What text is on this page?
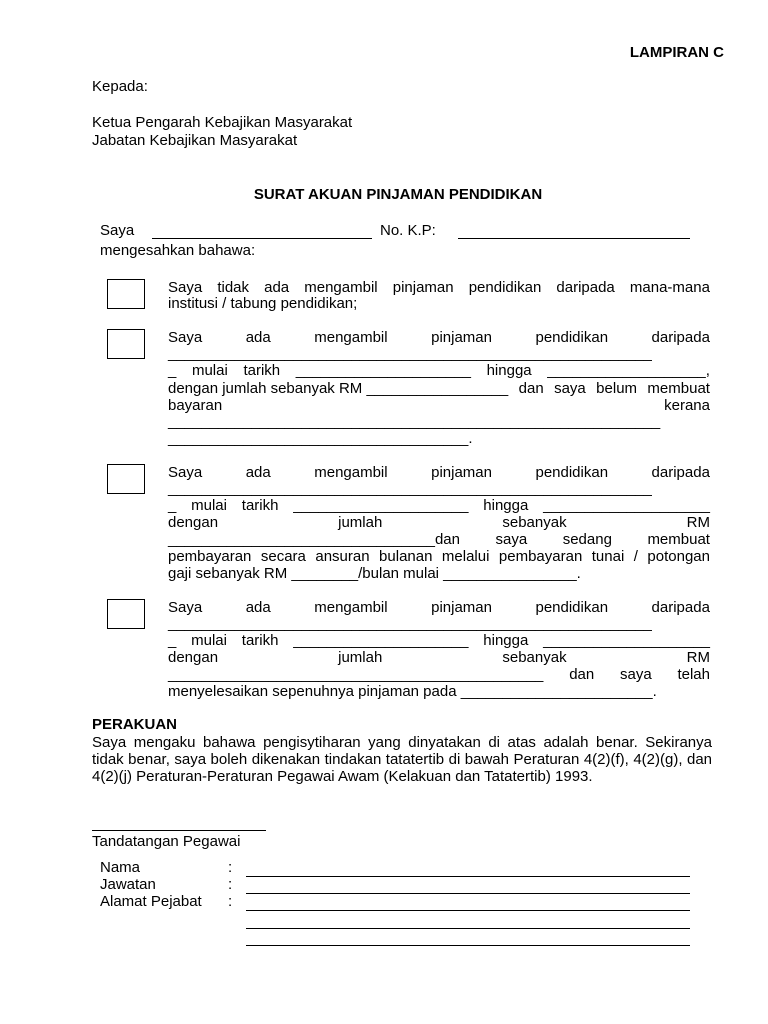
LAMPIRAN C
Kepada:
Ketua Pengarah Kebajikan Masyarakat
Jabatan Kebajikan Masyarakat
SURAT AKUAN PINJAMAN PENDIDIKAN
Saya	No. K.P:
mengesahkan bahawa:
Saya tidak ada mengambil pinjaman pendidikan daripada mana-mana
institusi / tabung pendidikan;
Saya	ada	mengambil	pinjaman	pendidikan	daripada
__________________________________________________________
_ mulai tarikh _____________________ hingga ___________________,
dengan jumlah sebanyak RM _________________ dan saya belum membuat
bayaran	kerana
___________________________________________________________
____________________________________.
Saya	ada	mengambil	pinjaman	pendidikan	daripada
__________________________________________________________
_ mulai tarikh _____________________ hingga ____________________
dengan	jumlah	sebanyak	RM
________________________________dan saya sedang membuat
pembayaran secara ansuran bulanan melalui pembayaran tunai / potongan
gaji sebanyak RM ________/bulan mulai ________________.
Saya	ada	mengambil	pinjaman	pendidikan	daripada
__________________________________________________________
_ mulai tarikh _____________________ hingga ____________________
dengan	jumlah	sebanyak	RM
_____________________________________________ dan saya telah
menyelesaikan sepenuhnya pinjaman pada _______________________.
PERAKUAN
Saya mengaku bahawa pengisytiharan yang dinyatakan di atas adalah benar. Sekiranya tidak benar, saya boleh dikenakan tindakan tatatertib di bawah Peraturan 4(2)(f), 4(2)(g), dan 4(2)(j) Peraturan-Peraturan Pegawai Awam (Kelakuan dan Tatatertib) 1993.
Tandatangan Pegawai
Nama	:
Jawatan	:
Alamat Pejabat :
